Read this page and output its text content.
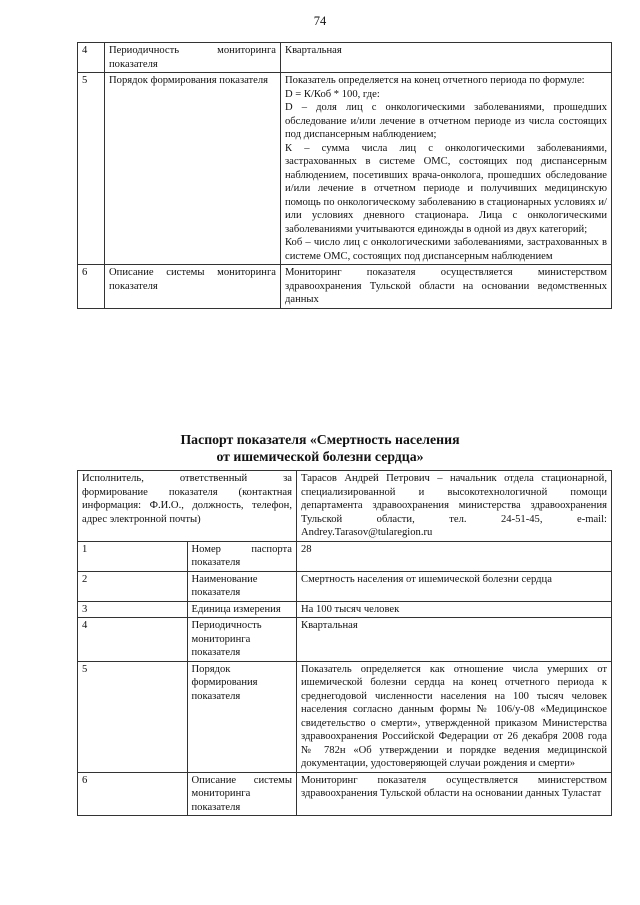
74
4	Периодичность мониторинга показателя	Квартальная
5	Порядок формирования показателя	Показатель определяется на конец отчетного периода по формуле:
D = К/Коб * 100, где:
D – доля лиц с онкологическими заболеваниями, прошедших обследование и/или лечение в отчетном периоде из числа состоящих под диспансерным наблюдением;
К – сумма числа лиц с онкологическими заболеваниями, застрахованных в системе ОМС, состоящих под диспансерным наблюдением, посетивших врача-онколога, прошедших обследование и/или лечение в отчетном периоде и получивших медицинскую помощь по онкологическому заболеванию в стационарных условиях и/или условиях дневного стационара. Лица с онкологическими заболеваниями учитываются единожды в одной из двух категорий;
Коб – число лиц с онкологическими заболеваниями, застрахованных в системе ОМС, состоящих под диспансерным наблюдением

6	Описание системы мониторинга показателя	Мониторинг показателя осуществляется министерством здравоохранения Тульской области на основании ведомственных данных
Паспорт показателя «Смертность населения
от ишемической болезни сердца»
Исполнитель, ответственный за формирование показателя (контактная информация: Ф.И.О., должность, телефон, адрес электронной почты)		Тарасов Андрей Петрович – начальник отдела стационарной, специализированной и высокотехнологичной помощи департамента здравоохранения министерства здравоохранения Тульской области, тел. 24-51-45, e-mail: Andrey.Tarasov@tularegion.ru
1	Номер паспорта показателя	28
2	Наименование показателя	Смертность населения от ишемической болезни сердца
3	Единица измерения	На 100 тысяч человек
4	Периодичность мониторинга показателя	Квартальная
5	Порядок формирования показателя	Показатель определяется как отношение числа умерших от ишемической болезни сердца на конец отчетного периода к среднегодовой численности населения на 100 тысяч человек населения согласно данным формы № 106/у-08 «Медицинское свидетельство о смерти», утвержденной приказом Министерства здравоохранения Российской Федерации от 26 декабря 2008 года № 782н «Об утверждении и порядке ведения медицинской документации, удостоверяющей случаи рождения и смерти»
6	Описание системы мониторинга показателя	Мониторинг показателя осуществляется министерством здравоохранения Тульской области на основании данных Туластат
